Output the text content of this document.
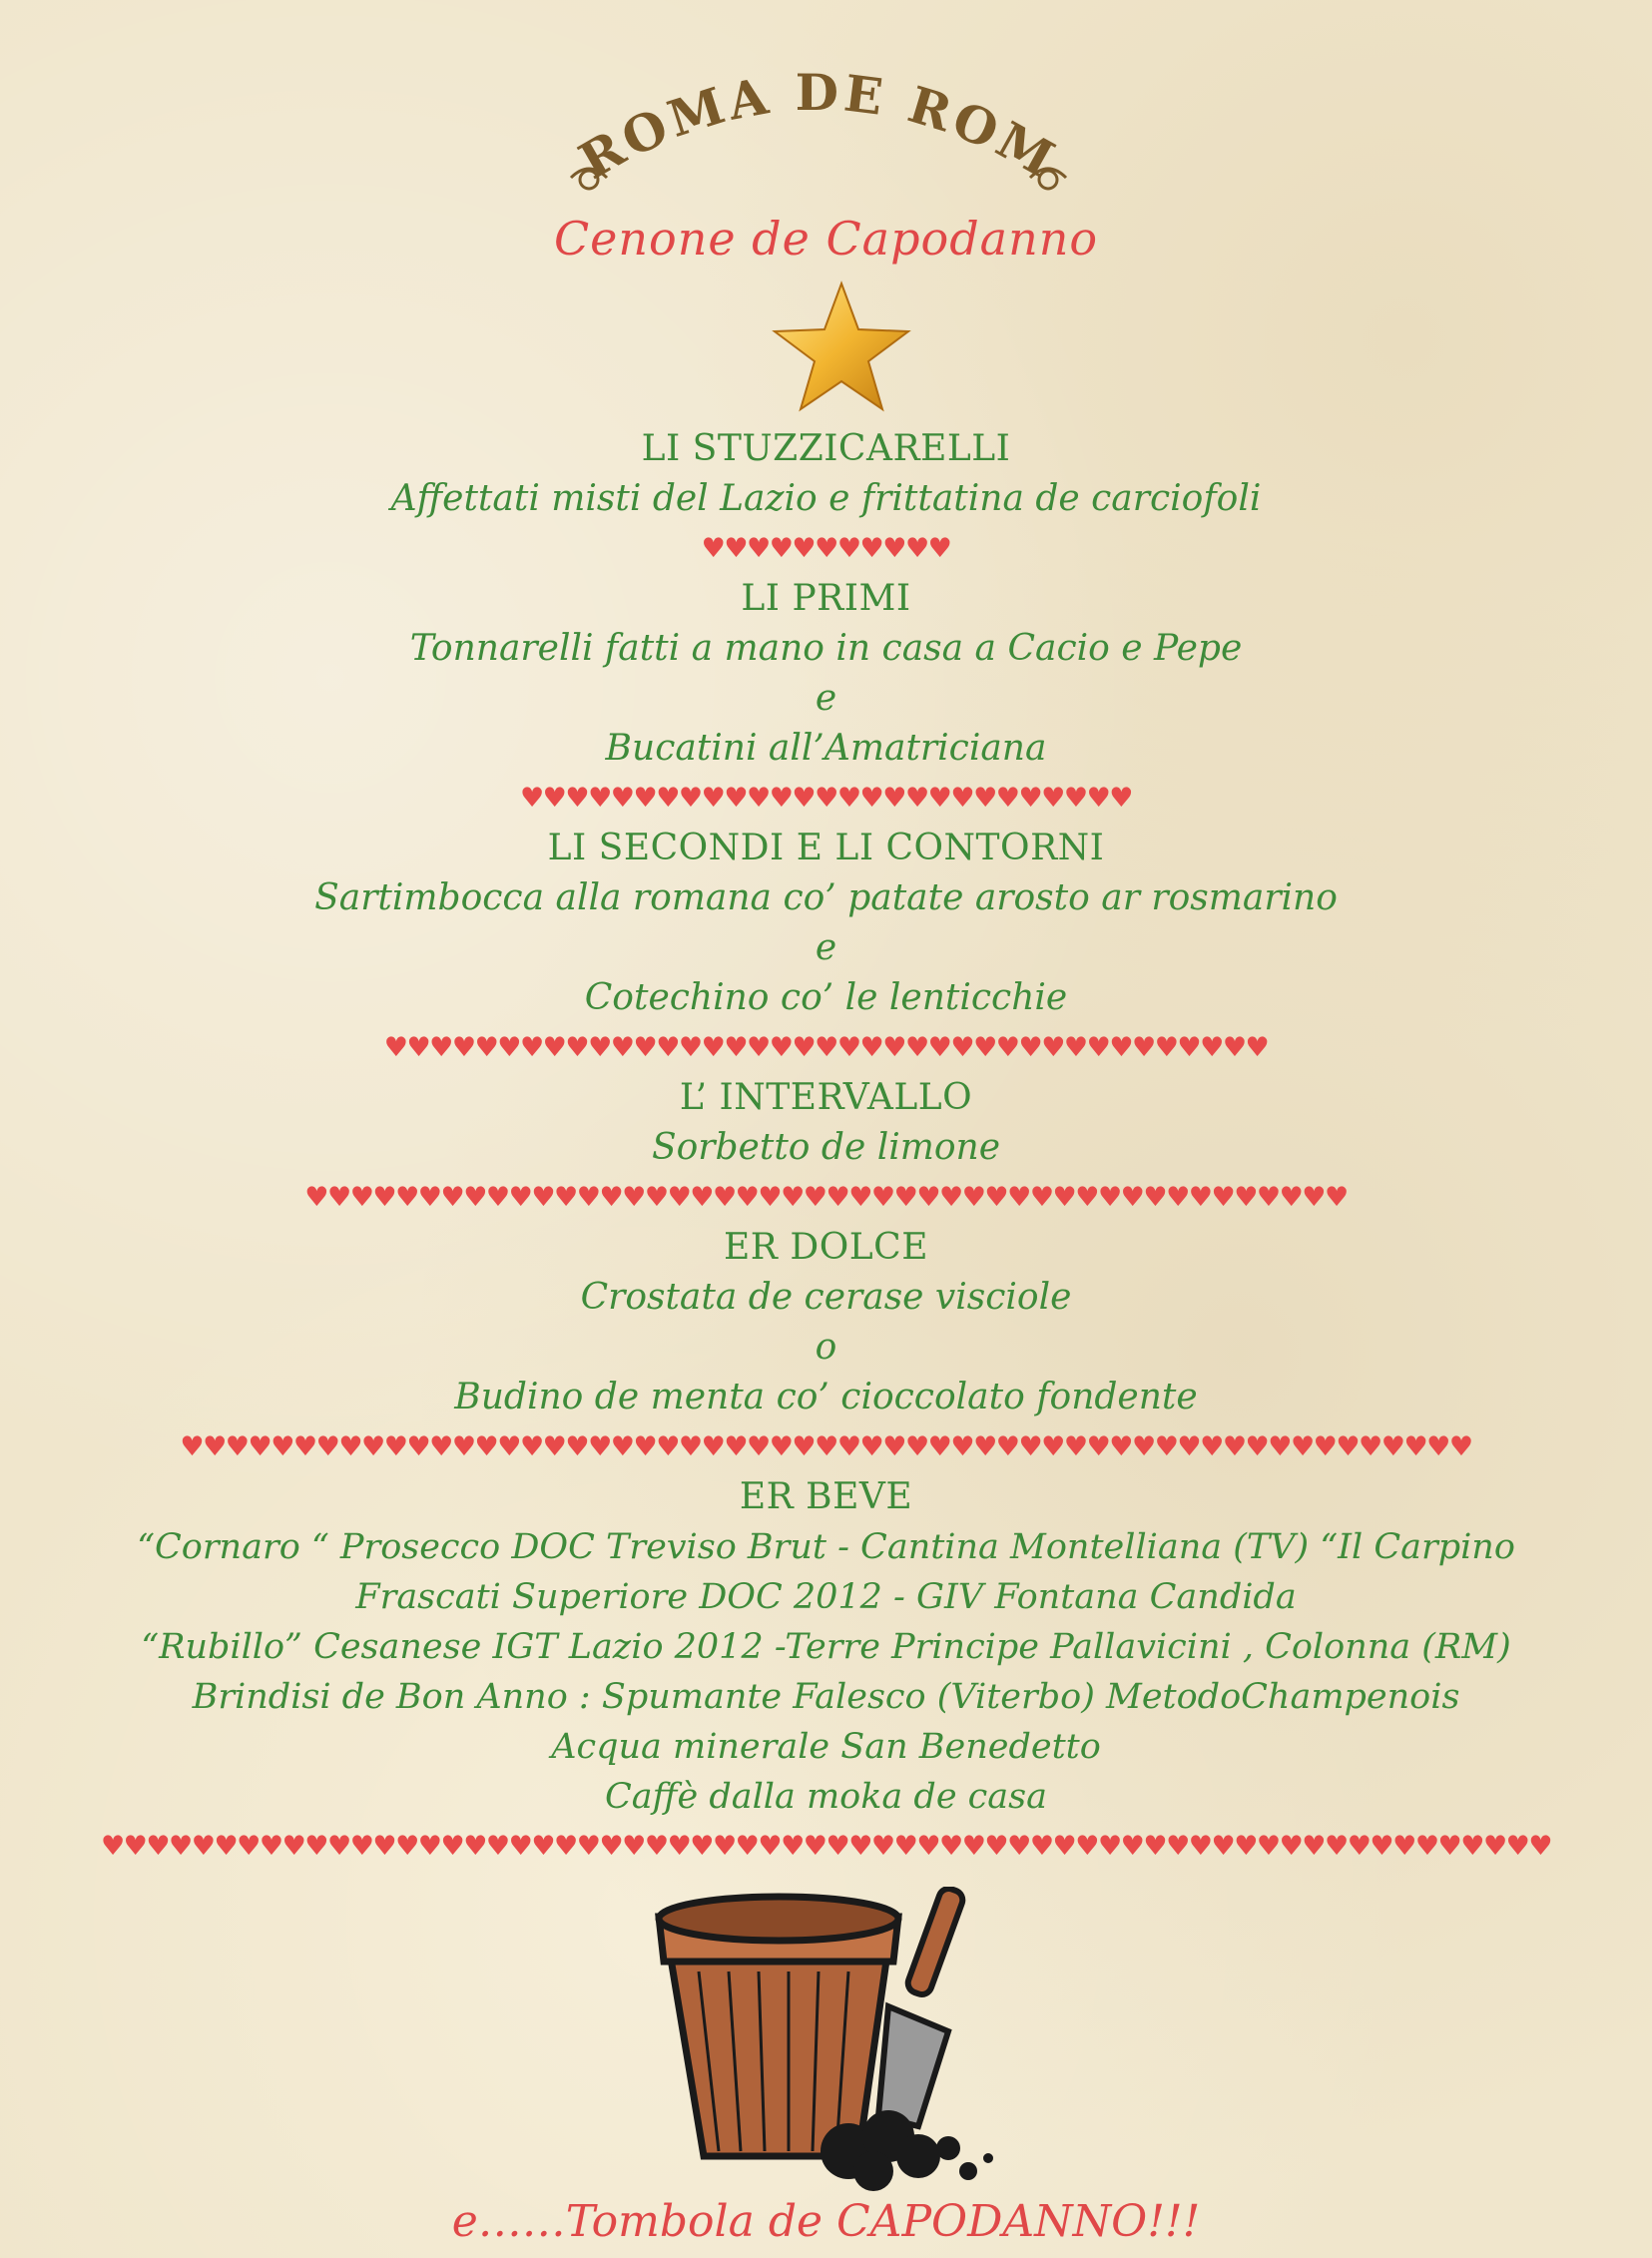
ROMA DE ROM
Cenone de Capodanno
LI STUZZICARELLI
Affettati misti del Lazio e frittatina de carciofoli
♥♥♥♥♥♥♥♥♥♥♥
LI PRIMI
Tonnarelli fatti a mano in casa a Cacio e Pepe
e
Bucatini all’Amatriciana
♥♥♥♥♥♥♥♥♥♥♥♥♥♥♥♥♥♥♥♥♥♥♥♥♥♥♥
LI SECONDI E LI CONTORNI
Sartimbocca alla romana co’ patate arosto ar rosmarino
e
Cotechino co’ le lenticchie
♥♥♥♥♥♥♥♥♥♥♥♥♥♥♥♥♥♥♥♥♥♥♥♥♥♥♥♥♥♥♥♥♥♥♥♥♥♥♥
L’ INTERVALLO
Sorbetto de limone
♥♥♥♥♥♥♥♥♥♥♥♥♥♥♥♥♥♥♥♥♥♥♥♥♥♥♥♥♥♥♥♥♥♥♥♥♥♥♥♥♥♥♥♥♥♥
ER DOLCE
Crostata de cerase visciole
o
Budino de menta co’ cioccolato fondente
♥♥♥♥♥♥♥♥♥♥♥♥♥♥♥♥♥♥♥♥♥♥♥♥♥♥♥♥♥♥♥♥♥♥♥♥♥♥♥♥♥♥♥♥♥♥♥♥♥♥♥♥♥♥♥♥♥
ER BEVE
“Cornaro “ Prosecco DOC Treviso Brut - Cantina Montelliana (TV) “Il Carpino
Frascati Superiore DOC 2012 - GIV Fontana Candida
“Rubillo” Cesanese IGT Lazio 2012 -Terre Principe Pallavicini , Colonna (RM)
Brindisi de Bon Anno : Spumante Falesco (Viterbo) MetodoChampenois
Acqua minerale San Benedetto
Caffè dalla moka de casa
♥♥♥♥♥♥♥♥♥♥♥♥♥♥♥♥♥♥♥♥♥♥♥♥♥♥♥♥♥♥♥♥♥♥♥♥♥♥♥♥♥♥♥♥♥♥♥♥♥♥♥♥♥♥♥♥♥♥♥♥♥♥♥♥
e……Tombola de CAPODANNO!!!
